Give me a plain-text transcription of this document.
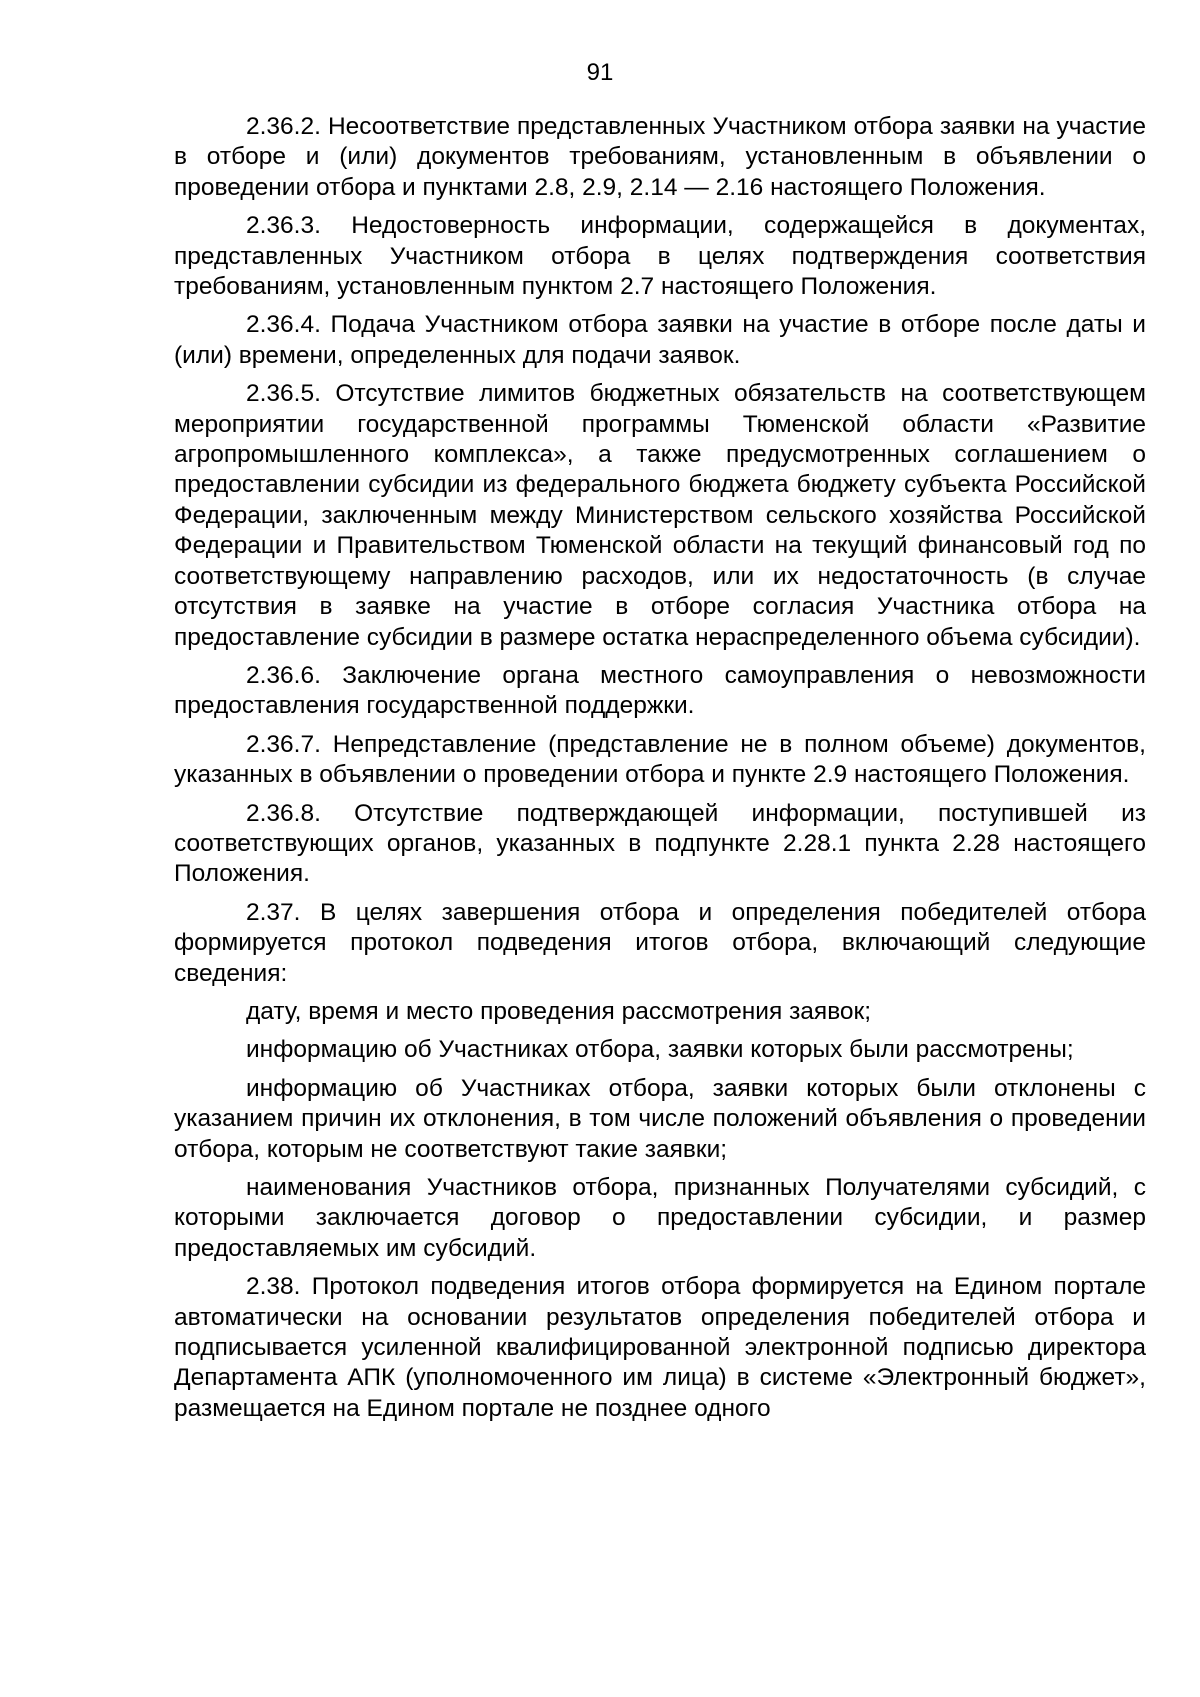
91

2.36.2. Несоответствие представленных Участником отбора заявки на участие в отборе и (или) документов требованиям, установленным в объявлении о проведении отбора и пунктами 2.8, 2.9, 2.14 — 2.16 настоящего Положения.

2.36.3. Недостоверность информации, содержащейся в документах, представленных Участником отбора в целях подтверждения соответствия требованиям, установленным пунктом 2.7 настоящего Положения.

2.36.4. Подача Участником отбора заявки на участие в отборе после даты и (или) времени, определенных для подачи заявок.

2.36.5. Отсутствие лимитов бюджетных обязательств на соответствующем мероприятии государственной программы Тюменской области «Развитие агропромышленного комплекса», а также предусмотренных соглашением о предоставлении субсидии из федерального бюджета бюджету субъекта Российской Федерации, заключенным между Министерством сельского хозяйства Российской Федерации и Правительством Тюменской области на текущий финансовый год по соответствующему направлению расходов, или их недостаточность (в случае отсутствия в заявке на участие в отборе согласия Участника отбора на предоставление субсидии в размере остатка нераспределенного объема субсидии).

2.36.6. Заключение органа местного самоуправления о невозможности предоставления государственной поддержки.

2.36.7. Непредставление (представление не в полном объеме) документов, указанных в объявлении о проведении отбора и пункте 2.9 настоящего Положения.

2.36.8. Отсутствие подтверждающей информации, поступившей из соответствующих органов, указанных в подпункте 2.28.1 пункта 2.28 настоящего Положения.

2.37. В целях завершения отбора и определения победителей отбора формируется протокол подведения итогов отбора, включающий следующие сведения:

дату, время и место проведения рассмотрения заявок;

информацию об Участниках отбора, заявки которых были рассмотрены;

информацию об Участниках отбора, заявки которых были отклонены с указанием причин их отклонения, в том числе положений объявления о проведении отбора, которым не соответствуют такие заявки;

наименования Участников отбора, признанных Получателями субсидий, с которыми заключается договор о предоставлении субсидии, и размер предоставляемых им субсидий.

2.38. Протокол подведения итогов отбора формируется на Едином портале автоматически на основании результатов определения победителей отбора и подписывается усиленной квалифицированной электронной подписью директора Департамента АПК (уполномоченного им лица) в системе «Электронный бюджет», размещается на Едином портале не позднее одного
